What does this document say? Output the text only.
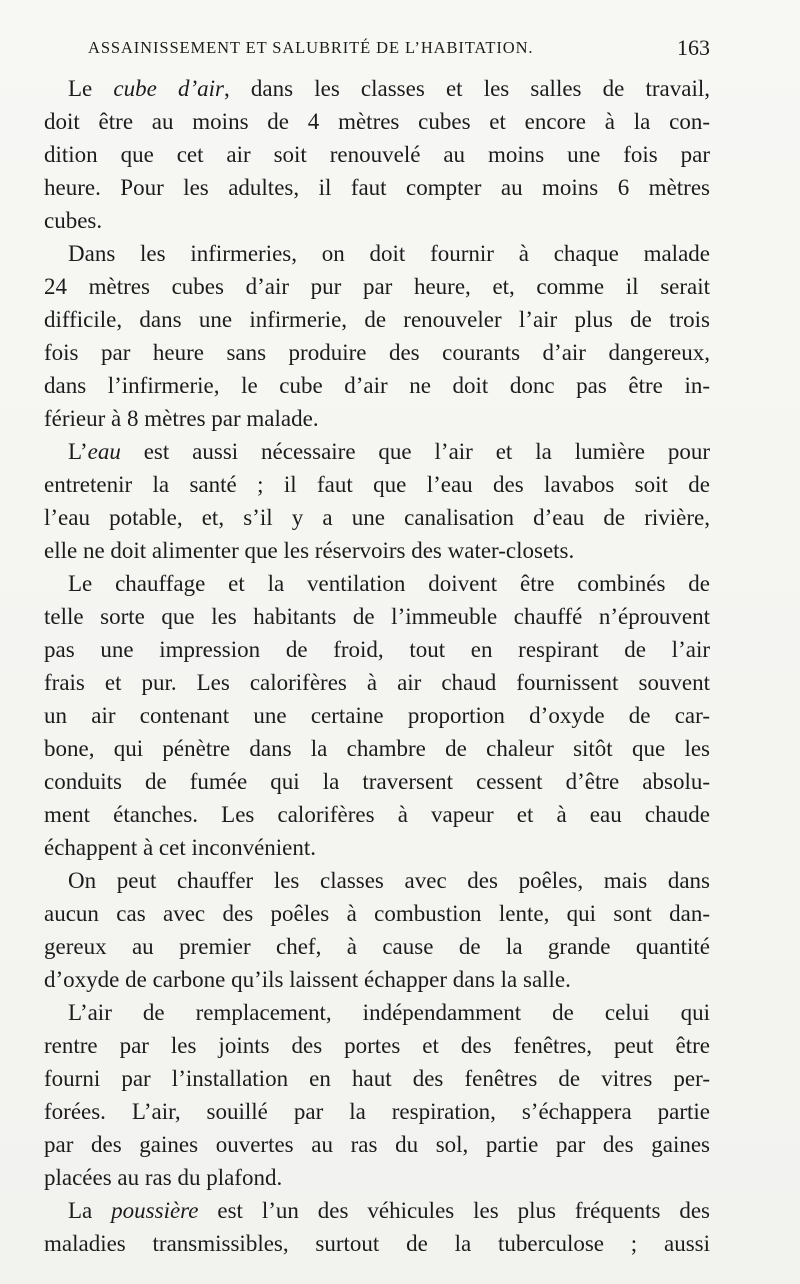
ASSAINISSEMENT ET SALUBRITÉ DE L’HABITATION.	163
Le cube d’air, dans les classes et les salles de travail,
doit être au moins de 4 mètres cubes et encore à la con-
dition que cet air soit renouvelé au moins une fois par
heure. Pour les adultes, il faut compter au moins 6 mètres
cubes.
Dans les infirmeries, on doit fournir à chaque malade
24 mètres cubes d’air pur par heure, et, comme il serait
difficile, dans une infirmerie, de renouveler l’air plus de trois
fois par heure sans produire des courants d’air dangereux,
dans l’infirmerie, le cube d’air ne doit donc pas être in-
férieur à 8 mètres par malade.
L’eau est aussi nécessaire que l’air et la lumière pour
entretenir la santé ; il faut que l’eau des lavabos soit de
l’eau potable, et, s’il y a une canalisation d’eau de rivière,
elle ne doit alimenter que les réservoirs des water-closets.
Le chauffage et la ventilation doivent être combinés de
telle sorte que les habitants de l’immeuble chauffé n’éprouvent
pas une impression de froid, tout en respirant de l’air
frais et pur. Les calorifères à air chaud fournissent souvent
un air contenant une certaine proportion d’oxyde de car-
bone, qui pénètre dans la chambre de chaleur sitôt que les
conduits de fumée qui la traversent cessent d’être absolu-
ment étanches. Les calorifères à vapeur et à eau chaude
échappent à cet inconvénient.
On peut chauffer les classes avec des poêles, mais dans
aucun cas avec des poêles à combustion lente, qui sont dan-
gereux au premier chef, à cause de la grande quantité
d’oxyde de carbone qu’ils laissent échapper dans la salle.
L’air de remplacement, indépendamment de celui qui
rentre par les joints des portes et des fenêtres, peut être
fourni par l’installation en haut des fenêtres de vitres per-
forées. L’air, souillé par la respiration, s’échappera partie
par des gaines ouvertes au ras du sol, partie par des gaines
placées au ras du plafond.
La poussière est l’un des véhicules les plus fréquents des
maladies transmissibles, surtout de la tuberculose ; aussi
